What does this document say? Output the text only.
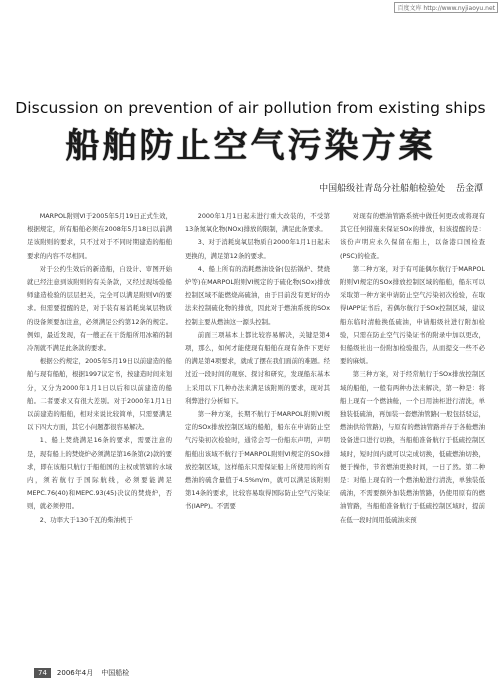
百度文库 http://www.nyjiaoyu.net
Discussion on prevention of air pollution from existing ships
船舶防止空气污染方案
中国船级社青岛分社船舶检验处 岳金潭

MARPOL附则VI于2005年5月19日正式生效，根据规定，所有船舶必须在2008年5月18日以前满足该附则的要求，只不过对于不同时期建造的船舶要求的内容不尽相同。

对于公约生效后的新造船，自设计、审图开始就已经注意到该附则的有关条款，又经过现场验船师建造检验的层层把关，完全可以满足附则VI的要求。但需要提醒的是，对于装有易消耗臭氧层物质的设备须要加注意，必须满足公约第12条的规定。例如，最近发现，有一艘正在干货船所用冰箱的制冷剂就不满足此条款的要求。

根据公约规定，2005年5月19日以前建造的船舶与现有船舶，根据1997议定书，按建造时间来划分，又分为2000年1月1日以后和以前建造的船舶。二者要求又有很大差别。对于2000年1月1日以前建造的船舶，相对来说比较简单，只需要满足以下四大方面，其它小问题都很容易解决。

1、船上焚烧满足16条的要求，需要注意的是，现有船上的焚烧炉必须满足第16条第(2)款的要求，即在该船只航行于船舶国的主权或管辖的水域内，须若航行于国际航线，必须要能满足MEPC.76(40)和MEPC.93(45)决议的焚烧炉，否则，就必须停用。

2、功率大于130千瓦的柴油机于

2000年1月1日起未进行重大改装的，不受第13条氮氧化物(NOx)排放的限制，满足此条要求。

3、对于消耗臭氧层物质自2000年1月1日起未更换的，满足第12条的要求。

4、船上所有的消耗燃油设备(包括锅炉、焚烧炉等)在MARPOL附则VI规定的于硫化物(SOx)排放控制区域不能燃烧高硫油，由于目前没有更好的办法来控制硫化物的排放，因此对于燃油系统的SOx控制主要从燃油这一源头控制。

前面三项基本上都比较容易解决，关键是第4项，那么，如何才能使现有船舶在现有条件下更好的满足第4项要求，就成了摆在我们面前的难题。经过近一段时间的观察、探讨和研究，发现船东基本上采用以下几种办法来满足该附则的要求，现对其利弊进行分析如下。

第一种方案，长期不航行于MARPOL附则VI规定的SOx排放控制区域的船舶，船东在申请防止空气污染初次检验时，通常会写一份船东声明，声明船舶出该域不航行于MARPOL附则VI规定的SOx排放控制区域，这样船东只需保证船上所使用的所有燃油的硫含量值于4.5%m/m，就可以满足该附则第14条的要求，比较容易取得国际防止空气污染证书(IAPP)。不需要

对现有的燃油管路系统中做任何更改或将现有其它任何措施来保证SOx的排放，但该提醒的是：该份声明应永久保留在船上，以备港口国检查(PSC)的检查。

第二种方案，对于有可能偶尔航行于MARPOL附则VI规定的SOx排放控制区域的船舶，船东可以采取第一种方案申请防止空气污染初次检验，在取得IAPP证书后，若偶尔航行于SOx控制区域，建议船东临时清舱换低硫油，申请船级社进行附加检验，只需在防止空气污染证书的附录中加以更改，但船级社出一份附加检验报告，从而提交一些不必要的麻烦。

第三种方案，对于经常航行于SOx排放控制区域的船舶，一般有两种办法来解决，第一种是：将船上现有一个燃油舱，一个日用油柜进行清洗，单独装低硫油，再加装一套燃油管路(一般包括驳运，燃油供给管路)，与原有的燃油管路并存于各舱燃油设备进口进行切换，当船舶准备航行于低硫控制区域时，短时间内就可以完成切换，低硫燃油切换，便于操作，节省燃油更换时间，一日了然。第二种是：对船上现有的一个燃油舱进行清洗，单独装低硫油，不需要额外加装燃油管路，仍使用原有的燃油管路，当船舶准备航行于低硫控制区域时，提前在低一段时间用低硫油来预

74	2006年4月 中国船检
